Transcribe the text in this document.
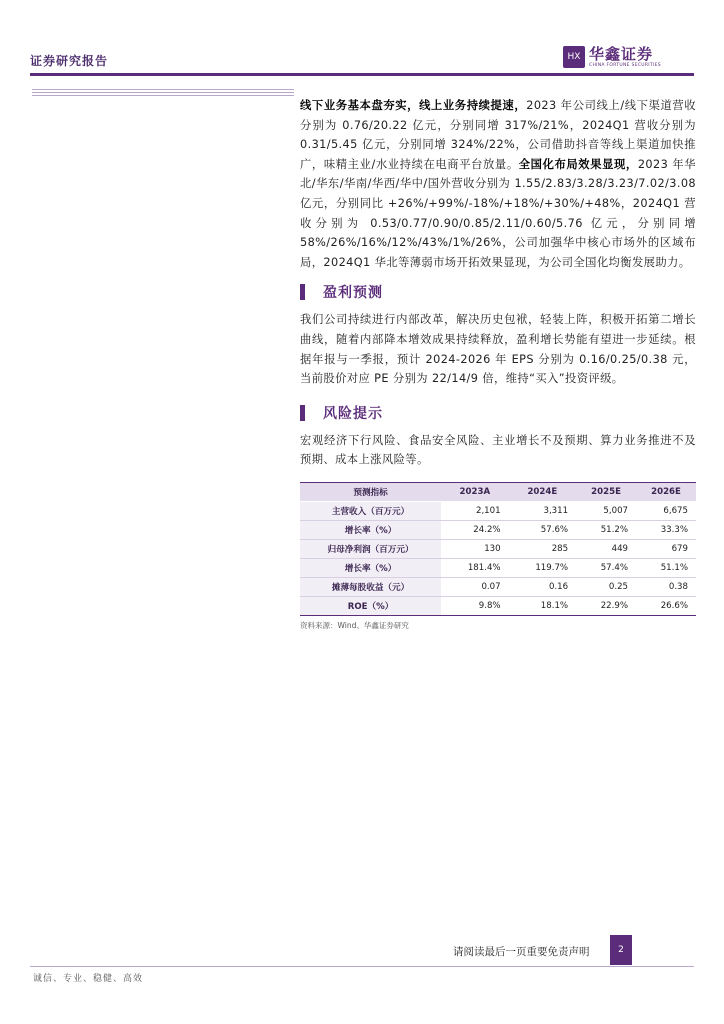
证券研究报告	HX 华鑫证券
CHINA FORTUNE SECURITIES

线下业务基本盘夯实，线上业务持续提速，2023 年公司线上/线下渠道营收分别为 0.76/20.22 亿元，分别同增 317%/21%，2024Q1 营收分别为 0.31/5.45 亿元，分别同增 324%/22%，公司借助抖音等线上渠道加快推广，味精主业/水业持续在电商平台放量。全国化布局效果显现，2023 年华北/华东/华南/华西/华中/国外营收分别为 1.55/2.83/3.28/3.23/7.02/3.08 亿元，分别同比 +26%/+99%/-18%/+18%/+30%/+48%，2024Q1 营收分别为 0.53/0.77/0.90/0.85/2.11/0.60/5.76 亿元，分别同增 58%/26%/16%/12%/43%/1%/26%，公司加强华中核心市场外的区域布局，2024Q1 华北等薄弱市场开拓效果显现，为公司全国化均衡发展助力。

盈利预测

我们公司持续进行内部改革，解决历史包袱，轻装上阵，积极开拓第二增长曲线，随着内部降本增效成果持续释放，盈利增长势能有望进一步延续。根据年报与一季报，预计 2024-2026 年 EPS 分别为 0.16/0.25/0.38 元，当前股价对应 PE 分别为 22/14/9 倍，维持“买入”投资评级。

风险提示

宏观经济下行风险、食品安全风险、主业增长不及预期、算力业务推进不及预期、成本上涨风险等。

预测指标	2023A	2024E	2025E	2026E
主营收入（百万元）	2,101	3,311	5,007	6,675
增长率（%）	24.2%	57.6%	51.2%	33.3%
归母净利润（百万元）	130	285	449	679
增长率（%）	181.4%	119.7%	57.4%	51.1%
摊薄每股收益（元）	0.07	0.16	0.25	0.38
ROE（%）	9.8%	18.1%	22.9%	26.6%
资料来源：Wind、华鑫证券研究
请阅读最后一页重要免责声明	2
诚信、专业、稳健、高效
